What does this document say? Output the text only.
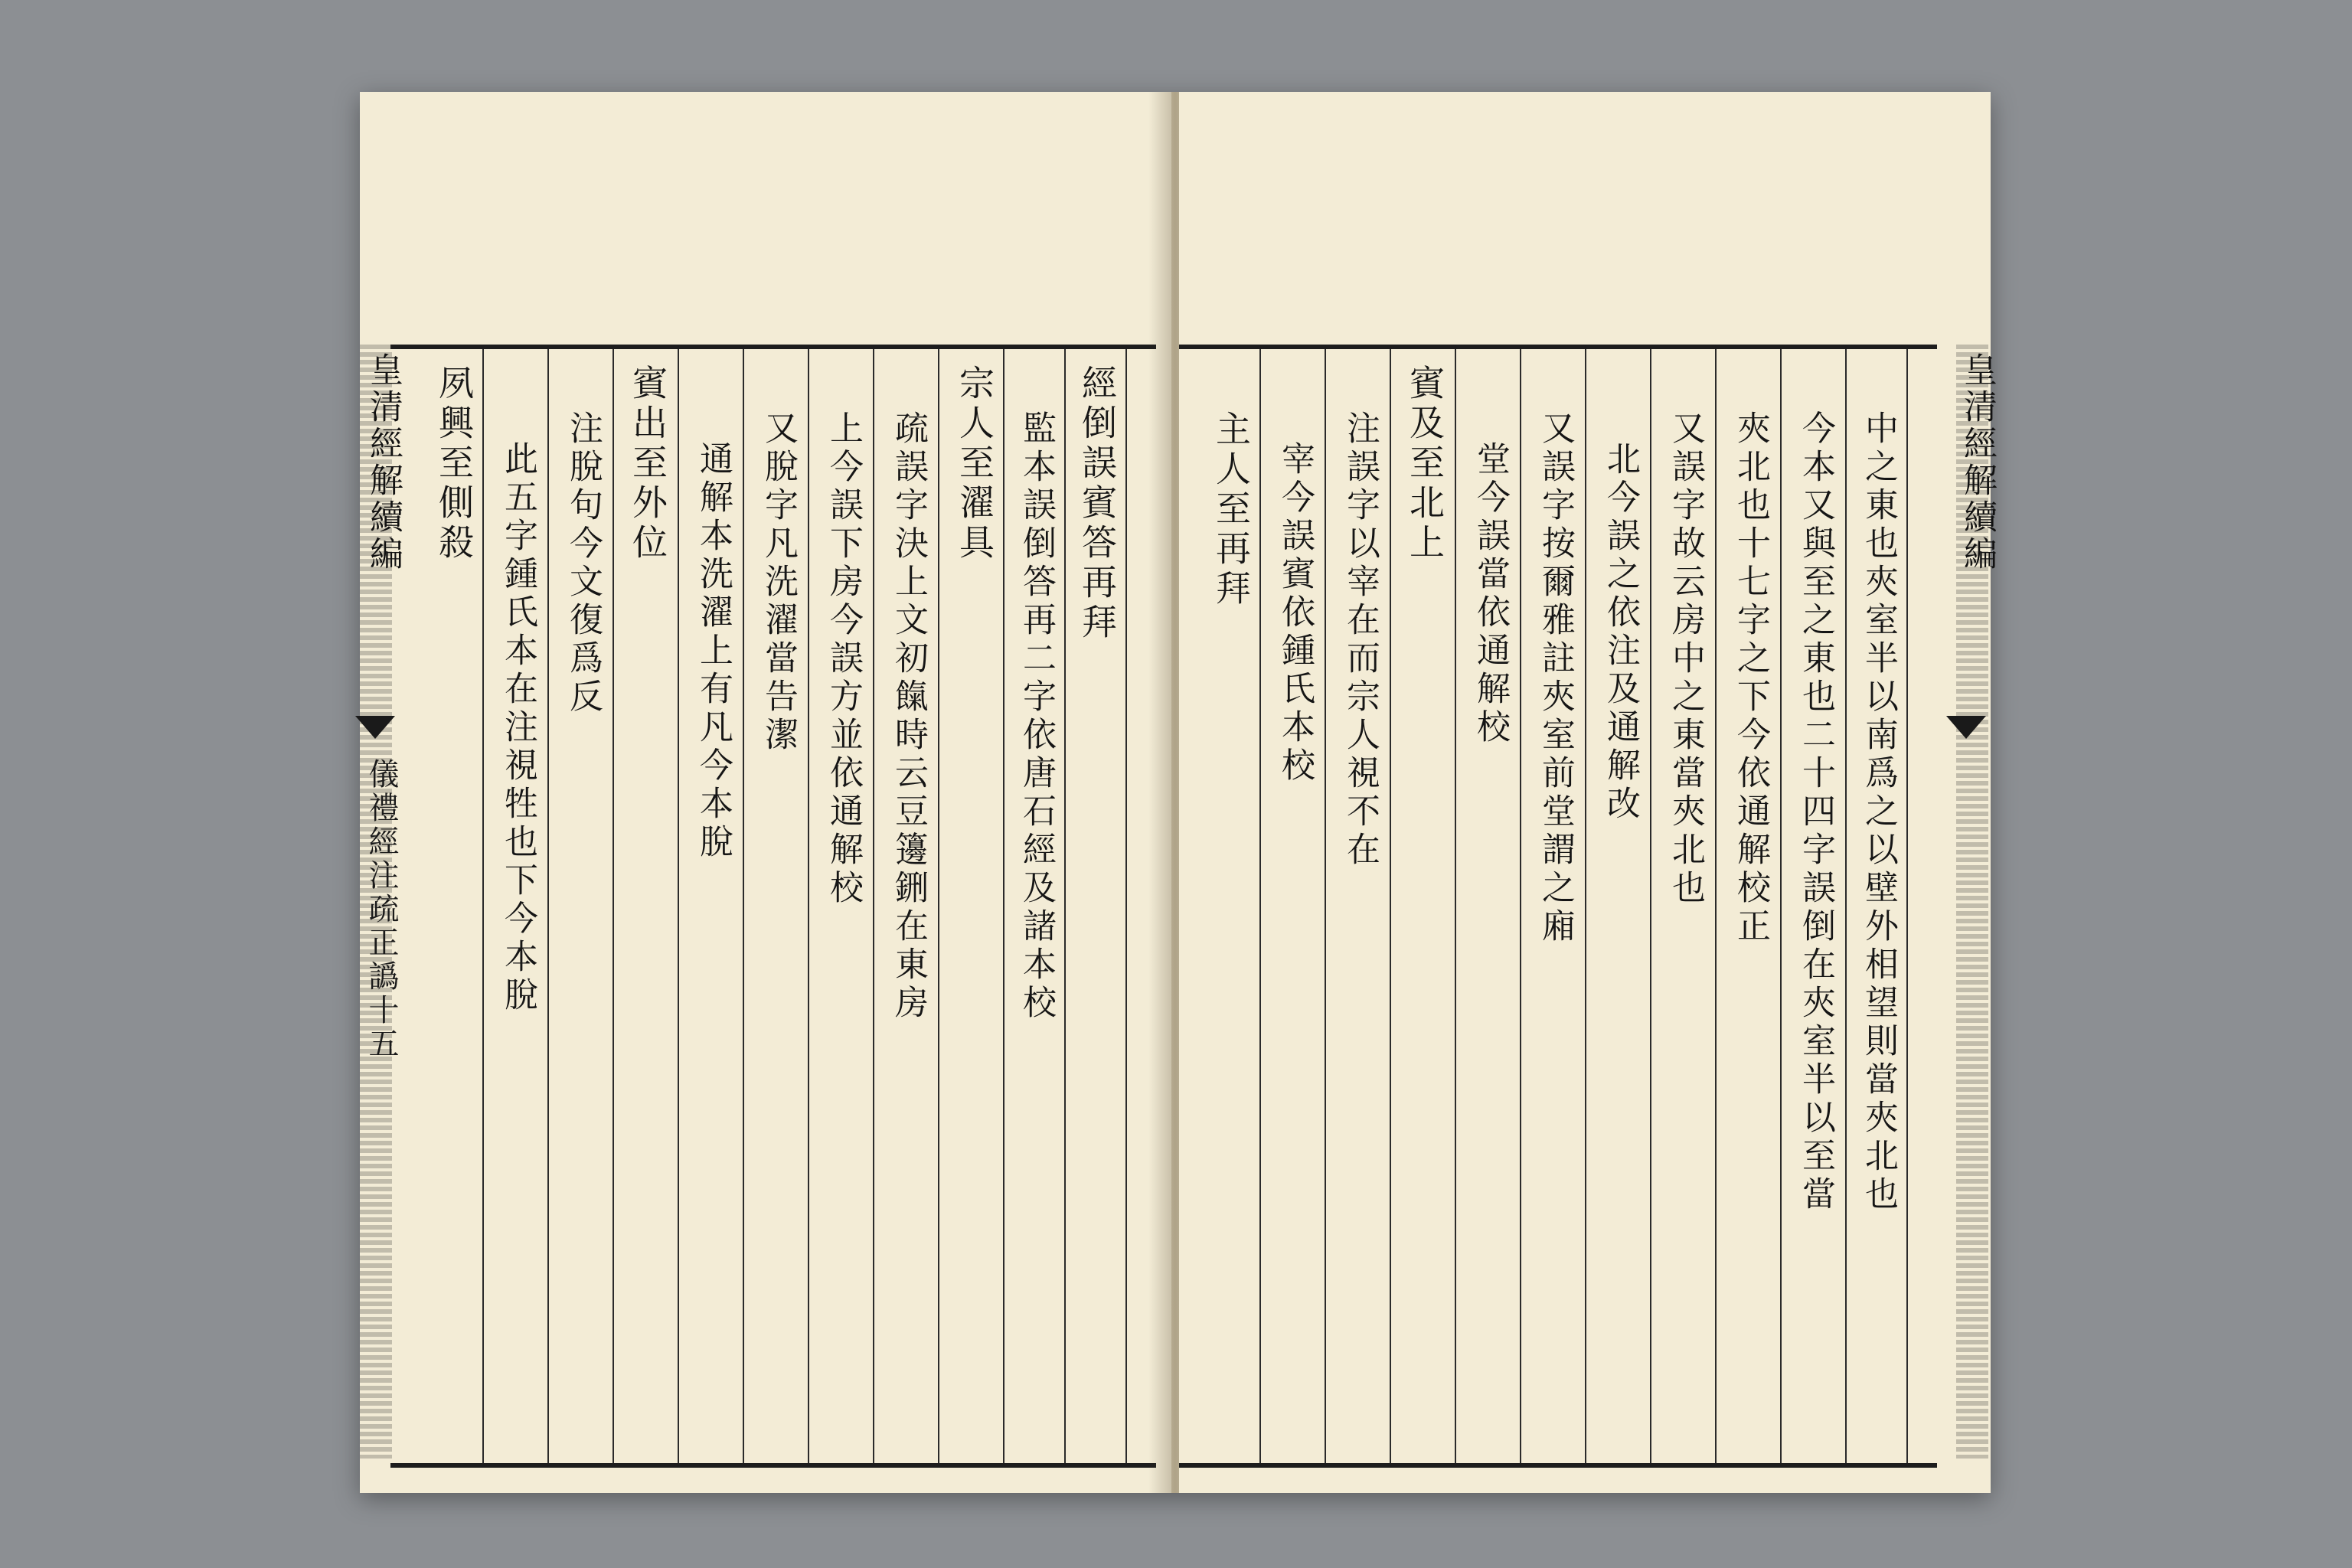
經倒誤賓答再拜
監本誤倒答再二字依唐石經及諸本校
宗人至濯具
疏誤字決上文初餼時云豆籩鉶在東房
上今誤下房今誤方並依通解校
又脫字凡洗濯當告潔
通解本洗濯上有凡今本脫
賓出至外位
注脫句今文復爲反
此五字鍾氏本在注視牲也下今本脫
夙興至側殺
皇清經解續編
儀禮經注疏正譌十五	中之東也夾室半以南爲之以壁外相望則當夾北也
今本又與至之東也二十四字誤倒在夾室半以至當
夾北也十七字之下今依通解校正
又誤字故云房中之東當夾北也
北今誤之依注及通解改
又誤字按爾雅註夾室前堂謂之廂
堂今誤當依通解校
賓及至北上
注誤字以宰在而宗人視不在
宰今誤賓依鍾氏本校
主人至再拜	皇清經解續編
